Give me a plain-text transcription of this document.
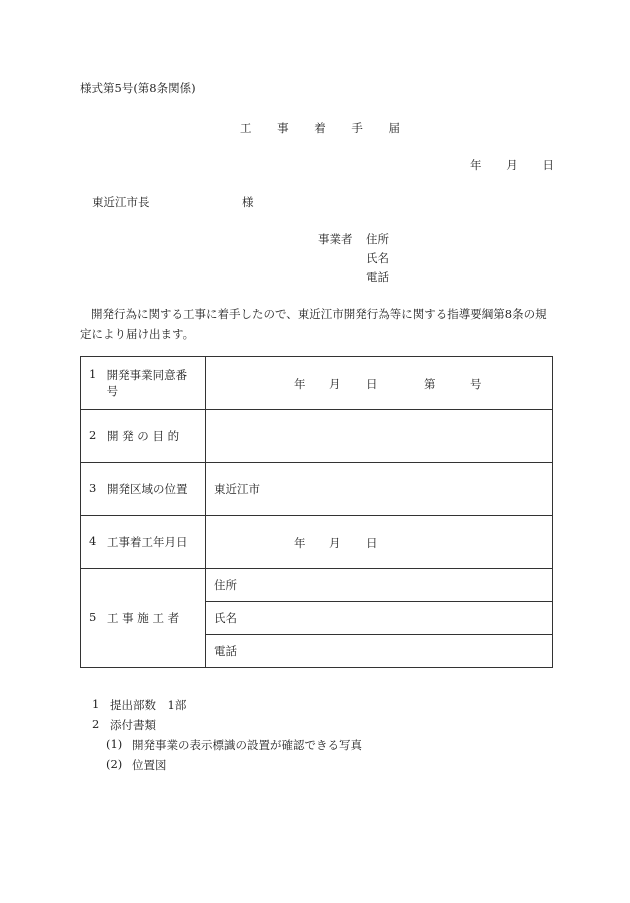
様式第5号(第8条関係)
工 事 着 手 届
年 月 日
東近江市長	様
事業者	住所
氏名
電話
開発行為に関する工事に着手したので、東近江市開発行為等に関する指導要綱第8条の規定により届け出ます。
1 開発事業同意番号	年 月 日 第 号

2 開 発 の 目 的	

3 開発区域の位置	東近江市

4 工事着工年月日	年 月 日

5 工 事 施 工 者	住所
	氏名
	電話
1 提出部数　1部
2 添付書類
(1) 開発事業の表示標識の設置が確認できる写真
(2) 位置図
